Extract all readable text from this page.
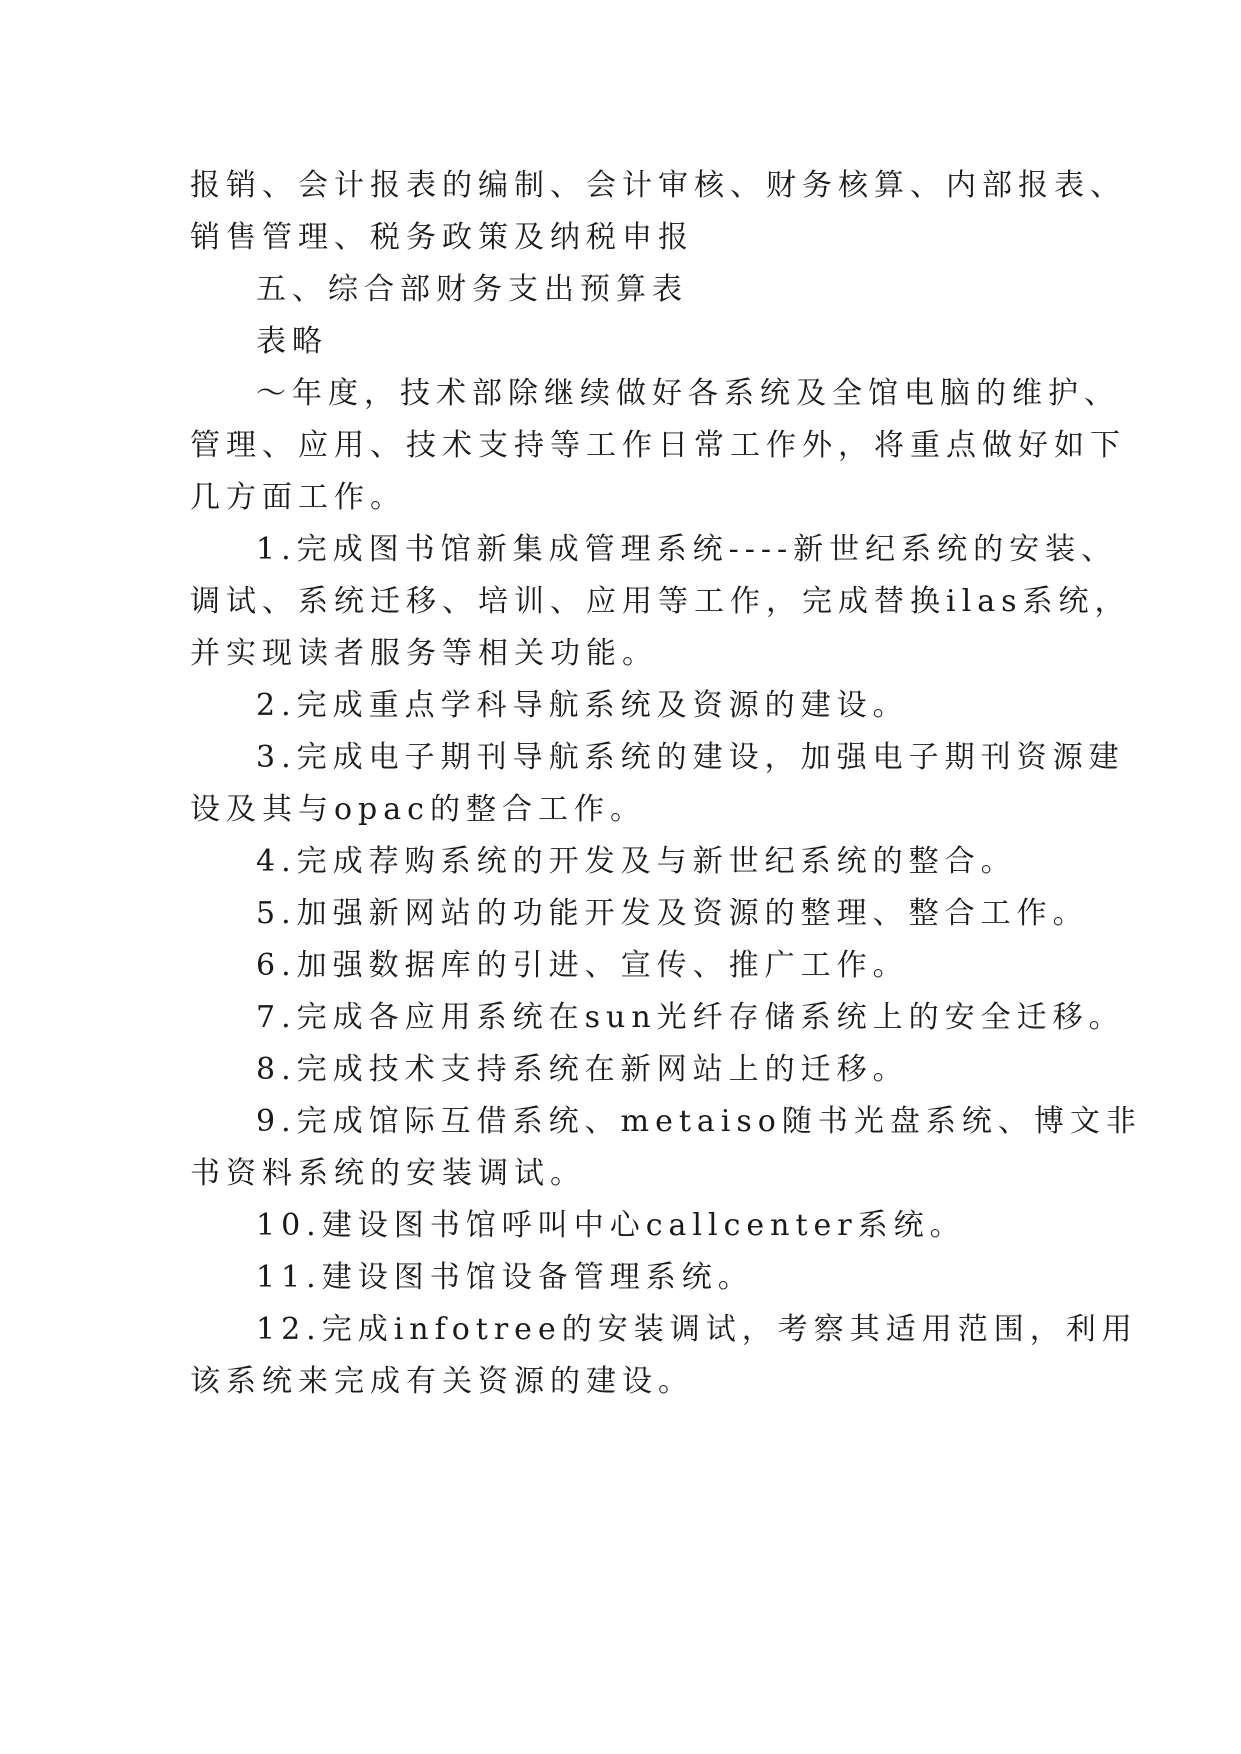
报销、会计报表的编制、会计审核、财务核算、内部报表、
销售管理、税务政策及纳税申报
五、综合部财务支出预算表
表略
～年度，技术部除继续做好各系统及全馆电脑的维护、
管理、应用、技术支持等工作日常工作外，将重点做好如下
几方面工作。
1.完成图书馆新集成管理系统----新世纪系统的安装、
调试、系统迁移、培训、应用等工作，完成替换ilas系统，
并实现读者服务等相关功能。
2.完成重点学科导航系统及资源的建设。
3.完成电子期刊导航系统的建设，加强电子期刊资源建
设及其与opac的整合工作。
4.完成荐购系统的开发及与新世纪系统的整合。
5.加强新网站的功能开发及资源的整理、整合工作。
6.加强数据库的引进、宣传、推广工作。
7.完成各应用系统在sun光纤存储系统上的安全迁移。
8.完成技术支持系统在新网站上的迁移。
9.完成馆际互借系统、metaiso随书光盘系统、博文非
书资料系统的安装调试。
10.建设图书馆呼叫中心callcenter系统。
11.建设图书馆设备管理系统。
12.完成infotree的安装调试，考察其适用范围，利用
该系统来完成有关资源的建设。
